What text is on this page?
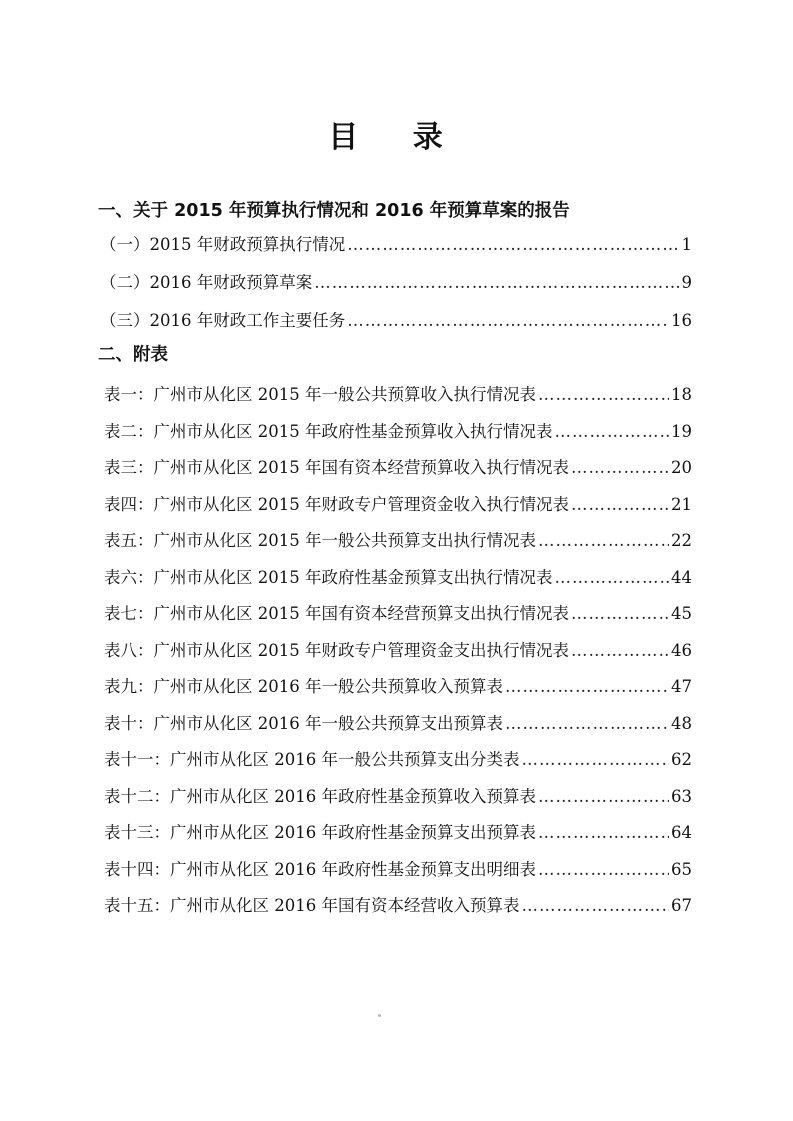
目 录
一、关于 2015 年预算执行情况和 2016 年预算草案的报告
（一）2015 年财政预算执行情况 ……………………………………………………………………………………………………………………………………………………	1
（二）2016 年财政预算草案 ……………………………………………………………………………………………………………………………………………………	9
（三）2016 年财政工作主要任务 ……………………………………………………………………………………………………………………………………………………	16
二、附表
表一：广州市从化区 2015 年一般公共预算收入执行情况表 ……………………………………………………………………………………………………………………………………………………	18
表二：广州市从化区 2015 年政府性基金预算收入执行情况表 ……………………………………………………………………………………………………………………………………………………	19
表三：广州市从化区 2015 年国有资本经营预算收入执行情况表 ……………………………………………………………………………………………………………………………………………………	20
表四：广州市从化区 2015 年财政专户管理资金收入执行情况表 ……………………………………………………………………………………………………………………………………………………	21
表五：广州市从化区 2015 年一般公共预算支出执行情况表 ……………………………………………………………………………………………………………………………………………………	22
表六：广州市从化区 2015 年政府性基金预算支出执行情况表 ……………………………………………………………………………………………………………………………………………………	44
表七：广州市从化区 2015 年国有资本经营预算支出执行情况表 ……………………………………………………………………………………………………………………………………………………	45
表八：广州市从化区 2015 年财政专户管理资金支出执行情况表 ……………………………………………………………………………………………………………………………………………………	46
表九：广州市从化区 2016 年一般公共预算收入预算表 ……………………………………………………………………………………………………………………………………………………	47
表十：广州市从化区 2016 年一般公共预算支出预算表 ……………………………………………………………………………………………………………………………………………………	48
表十一：广州市从化区 2016 年一般公共预算支出分类表 ……………………………………………………………………………………………………………………………………………………	62
表十二：广州市从化区 2016 年政府性基金预算收入预算表 ……………………………………………………………………………………………………………………………………………………	63
表十三：广州市从化区 2016 年政府性基金预算支出预算表 ……………………………………………………………………………………………………………………………………………………	64
表十四：广州市从化区 2016 年政府性基金预算支出明细表 ……………………………………………………………………………………………………………………………………………………	65
表十五：广州市从化区 2016 年国有资本经营收入预算表 ……………………………………………………………………………………………………………………………………………………	67
